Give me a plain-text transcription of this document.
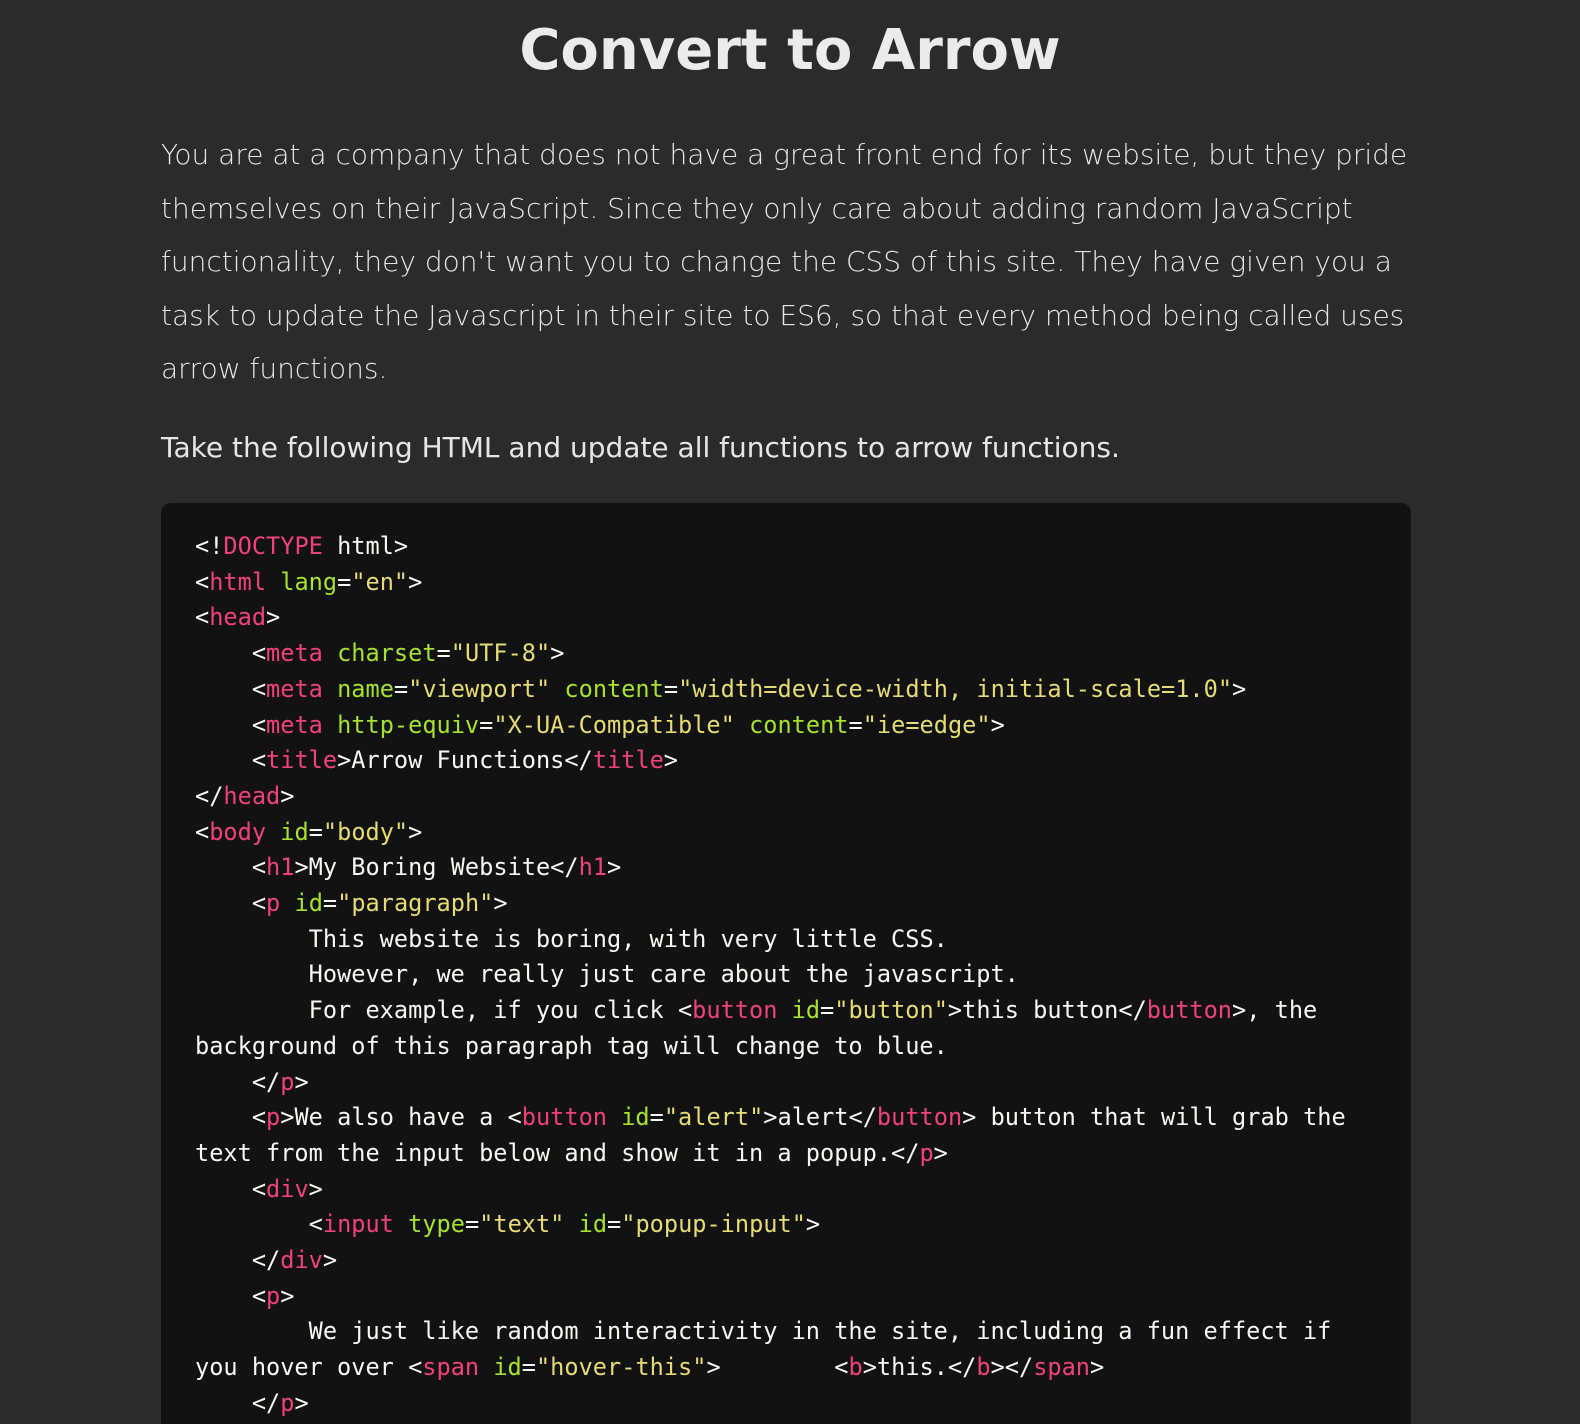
Convert to Arrow

You are at a company that does not have a great front end for its website, but they pride themselves on their JavaScript. Since they only care about adding random JavaScript functionality, they don't want you to change the CSS of this site. They have given you a task to update the Javascript in their site to ES6, so that every method being called uses arrow functions.

Take the following HTML and update all functions to arrow functions.

<!DOCTYPE html>
<html lang="en">
<head>
<meta charset="UTF-8">
<meta name="viewport" content="width=device-width, initial-scale=1.0">
<meta http-equiv="X-UA-Compatible" content="ie=edge">
<title>Arrow Functions</title>
</head>
<body id="body">
<h1>My Boring Website</h1>
<p id="paragraph">
This website is boring, with very little CSS.
However, we really just care about the javascript.
For example, if you click <button id="button">this button</button>, the background of this paragraph tag will change to blue.
</p>
<p>We also have a <button id="alert">alert</button> button that will grab the text from the input below and show it in a popup.</p>
<div>
<input type="text" id="popup-input">
</div>
<p>
We just like random interactivity in the site, including a fun effect if you hover over <span id="hover-this">        <b>this.</b></span>
</p>
